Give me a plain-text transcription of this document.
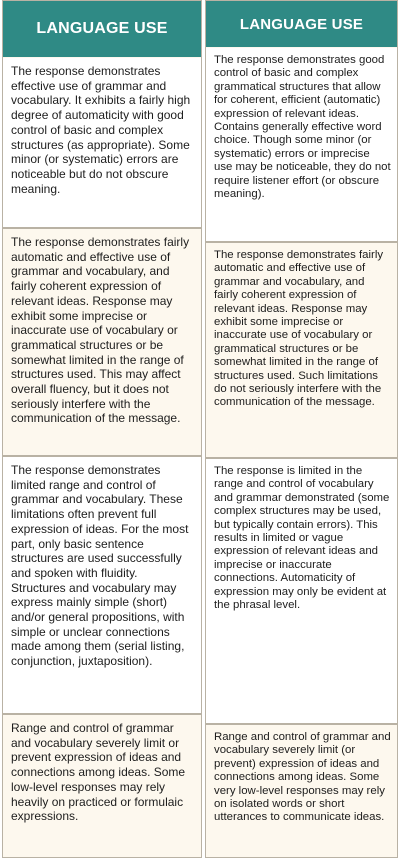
LANGUAGE USE
The response demonstrates effective use of grammar and vocabulary. It exhibits a fairly high degree of automaticity with good control of basic and complex structures (as appropriate). Some minor (or systematic) errors are noticeable but do not obscure meaning.
The response demonstrates fairly automatic and effective use of grammar and vocabulary, and fairly coherent expression of relevant ideas. Response may exhibit some imprecise or inaccurate use of vocabulary or grammatical structures or be somewhat limited in the range of structures used. This may affect overall fluency, but it does not seriously interfere with the communication of the message.
The response demonstrates limited range and control of grammar and vocabulary. These limitations often prevent full expression of ideas. For the most part, only basic sentence structures are used successfully and spoken with fluidity. Structures and vocabulary may express mainly simple (short) and/or general propositions, with simple or unclear connections made among them (serial listing, conjunction, juxtaposition).
Range and control of grammar and vocabulary severely limit or prevent expression of ideas and connections among ideas. Some low-level responses may rely heavily on practiced or formulaic expressions.
LANGUAGE USE
The response demonstrates good control of basic and complex grammatical structures that allow for coherent, efficient (automatic) expression of relevant ideas. Contains generally effective word choice. Though some minor (or systematic) errors or imprecise use may be noticeable, they do not require listener effort (or obscure meaning).
The response demonstrates fairly automatic and effective use of grammar and vocabulary, and fairly coherent expression of relevant ideas. Response may exhibit some imprecise or inaccurate use of vocabulary or grammatical structures or be somewhat limited in the range of structures used. Such limitations do not seriously interfere with the communication of the message.
The response is limited in the range and control of vocabulary and grammar demonstrated (some complex structures may be used, but typically contain errors). This results in limited or vague expression of relevant ideas and imprecise or inaccurate connections. Automaticity of expression may only be evident at the phrasal level.
Range and control of grammar and vocabulary severely limit (or prevent) expression of ideas and connections among ideas. Some very low-level responses may rely on isolated words or short utterances to communicate ideas.
